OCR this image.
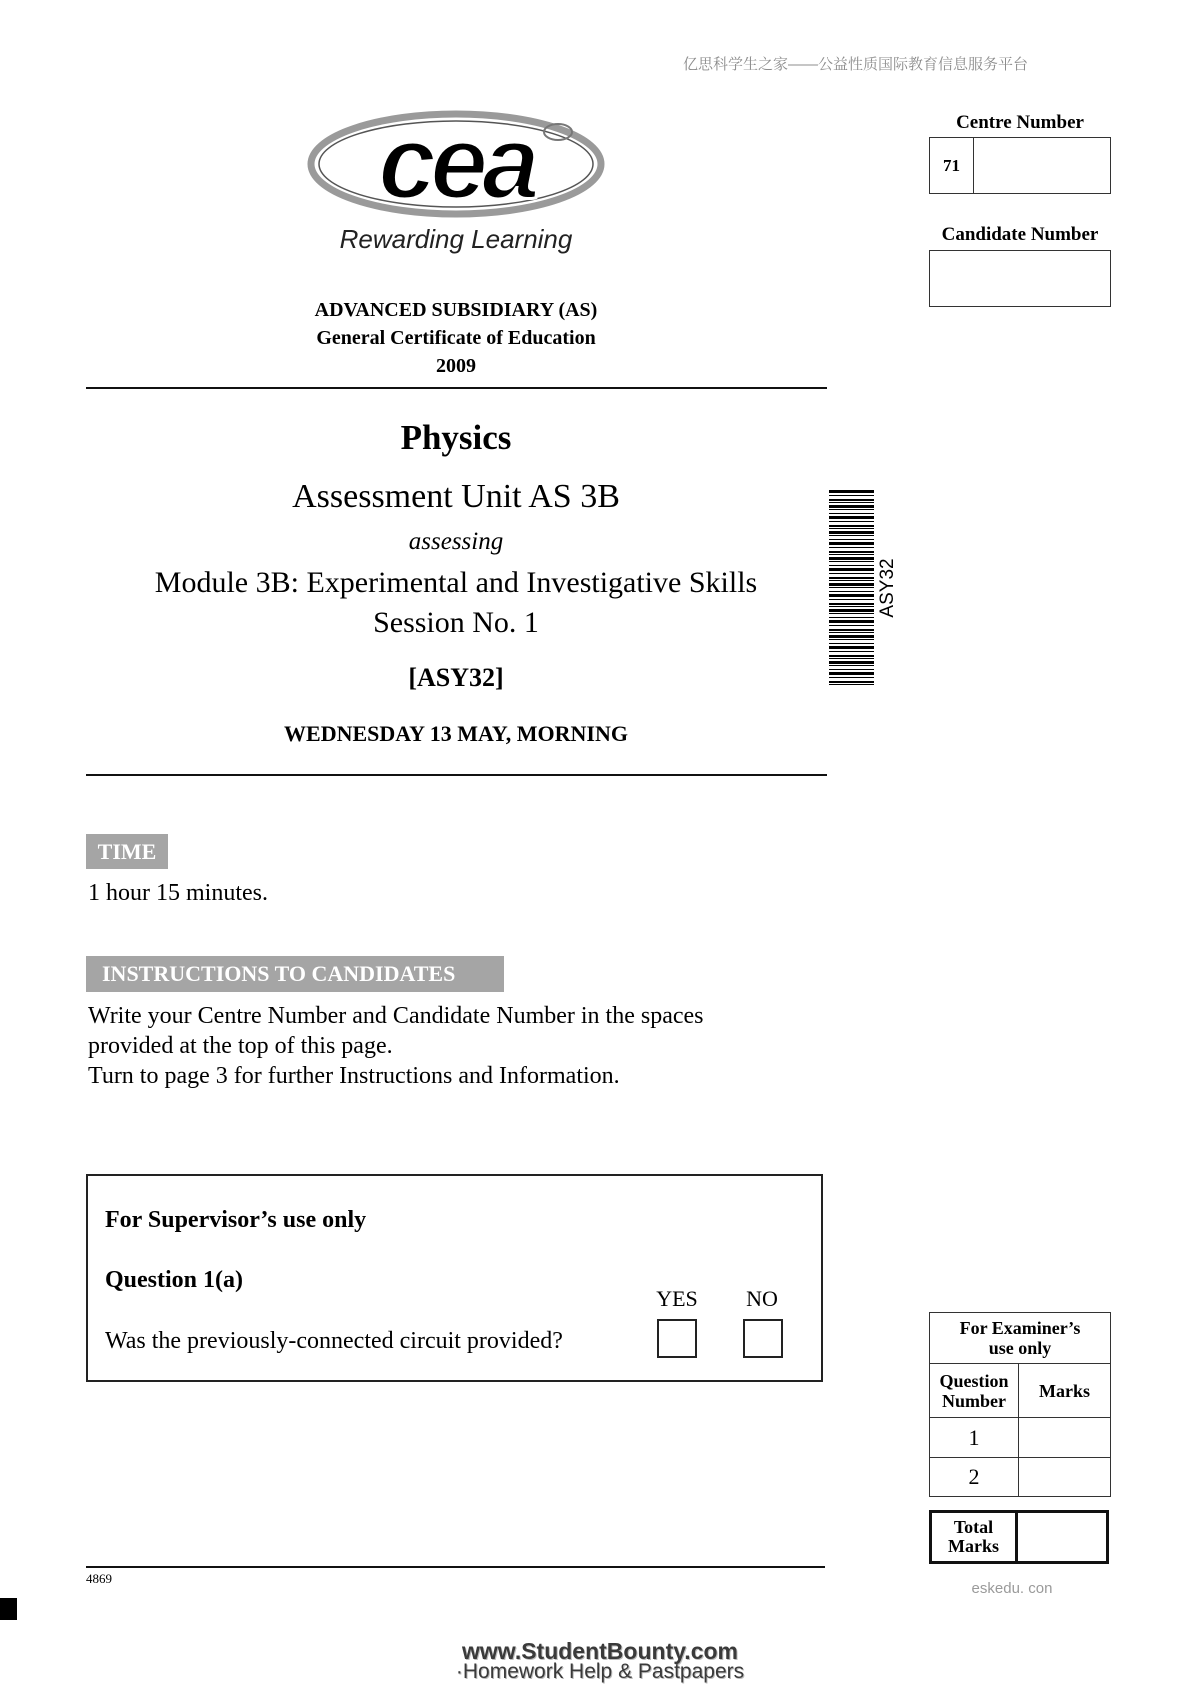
亿思科学生之家——公益性质国际教育信息服务平台
cea
Rewarding Learning
Centre Number
71
Candidate Number
ADVANCED SUBSIDIARY (AS)
General Certificate of Education
2009
Physics
Assessment Unit AS 3B
assessing
Module 3B: Experimental and Investigative Skills
Session No. 1
[ASY32]
WEDNESDAY 13 MAY, MORNING
ASY32
TIME
1 hour 15 minutes.
INSTRUCTIONS TO CANDIDATES
Write your Centre Number and Candidate Number in the spaces
provided at the top of this page.
Turn to page 3 for further Instructions and Information.
For Supervisor’s use only
Question 1(a)
Was the previously-connected circuit provided?
YES	NO
For Examiner’s use only	
Question Number	Marks
1	
2	
Total Marks
eskedu. con
4869
www.StudentBounty.com
·Homework Help & Pastpapers
